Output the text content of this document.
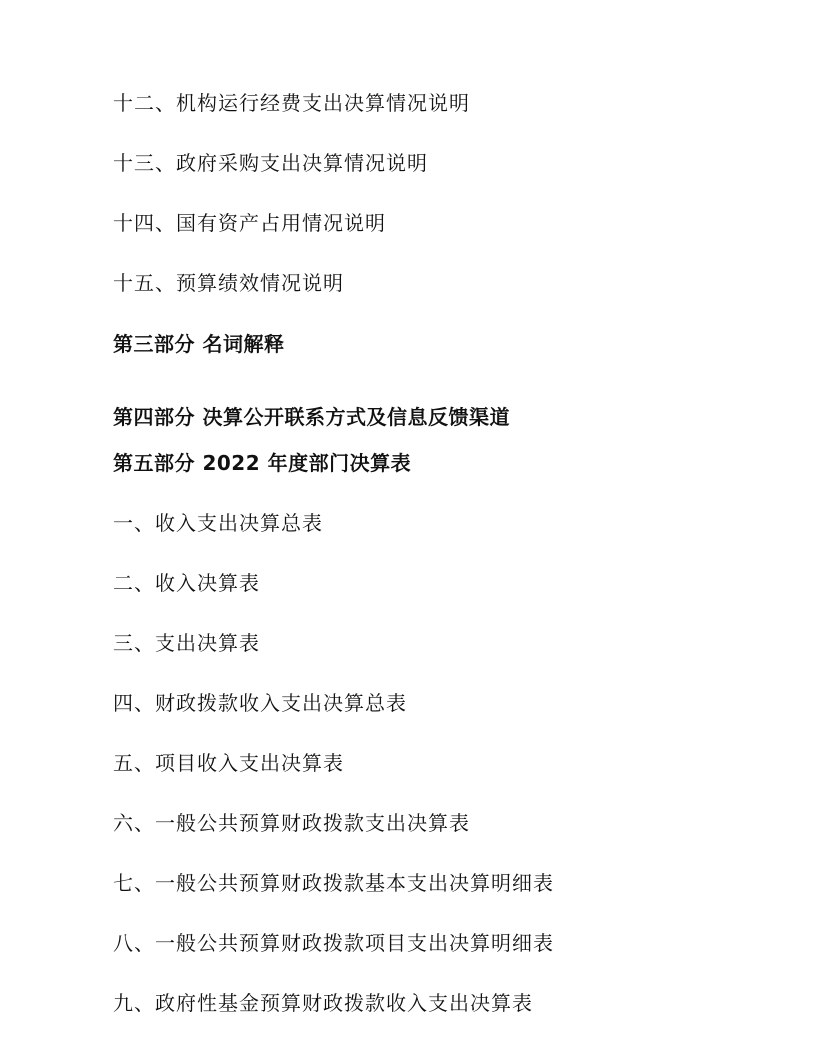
十二、机构运行经费支出决算情况说明
十三、政府采购支出决算情况说明
十四、国有资产占用情况说明
十五、预算绩效情况说明
第三部分 名词解释
第四部分 决算公开联系方式及信息反馈渠道
第五部分 2022 年度部门决算表
一、收入支出决算总表
二、收入决算表
三、支出决算表
四、财政拨款收入支出决算总表
五、项目收入支出决算表
六、一般公共预算财政拨款支出决算表
七、一般公共预算财政拨款基本支出决算明细表
八、一般公共预算财政拨款项目支出决算明细表
九、政府性基金预算财政拨款收入支出决算表
